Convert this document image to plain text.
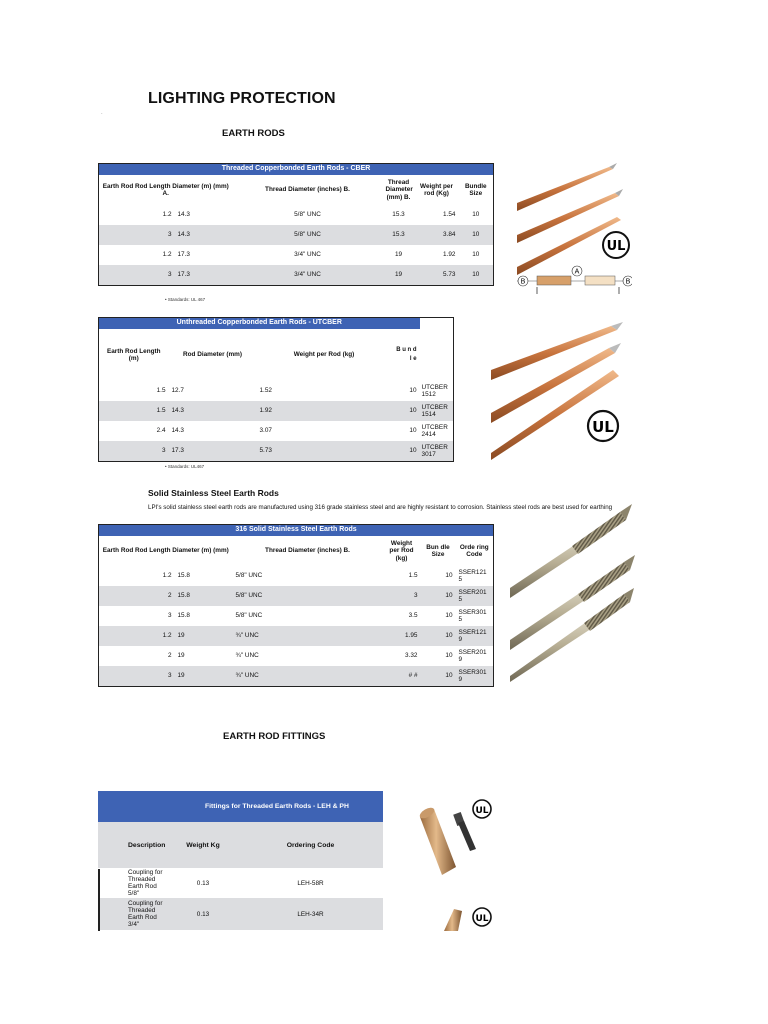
LIGHTING PROTECTION
.
EARTH RODS
Threaded Copperbonded Earth Rods - CBER					
Earth Rod Rod Length Diameter (m) (mm) A.		Thread Diameter (inches) B.	Thread Diameter (mm) B.	Weight per rod (Kg)	Bundle Size
1.2	14.3	5/8" UNC	15.3	1.54	10
3	14.3	5/8" UNC	15.3	3.84	10
1.2	17.3	3/4" UNC	19	1.92	10
3	17.3	3/4" UNC	19	5.73	10
• Standards: UL 467
UL
B
A
B
Unthreaded Copperbonded Earth Rods - UTCBER				
Earth Rod Length (m)	Rod Diameter (mm)	Weight per Rod (kg)	B u n d l e	
1.5	12.7	1.52	10	UTCBER 1512
1.5	14.3	1.92	10	UTCBER 1514
2.4	14.3	3.07	10	UTCBER 2414
3	17.3	5.73	10	UTCBER 3017
• Standards: UL467
UL
Solid Stainless Steel Earth Rods
LPI's solid stainless steel earth rods are manufactured using 316 grade stainless steel and are highly resistant to corrosion. Stainless steel rods are best used for earthing
316 Solid Stainless Steel Earth Rods					
Earth Rod Rod Length Diameter (m) (mm)		Thread Diameter (inches) B.	Weight per Rod (kg)	Bun dle Size	Orde ring Code
1.2	15.8	5/8" UNC	1.5	10	SSER121 5
2	15.8	5/8" UNC	3	10	SSER201 5
3	15.8	5/8" UNC	3.5	10	SSER301 5
1.2	19	¾" UNC	1.95	10	SSER121 9
2	19	¾" UNC	3.32	10	SSER201 9
3	19	¾" UNC	# #	10	SSER301 9
EARTH ROD FITTINGS
	Fittings for Threaded Earth Rods - LEH & PH	
Description	Weight Kg	Ordering Code
Coupling for Threaded Earth Rod 5/8"	0.13	LEH-58R
Coupling for Threaded Earth Rod 3/4"	0.13	LEH-34R
UL
UL
